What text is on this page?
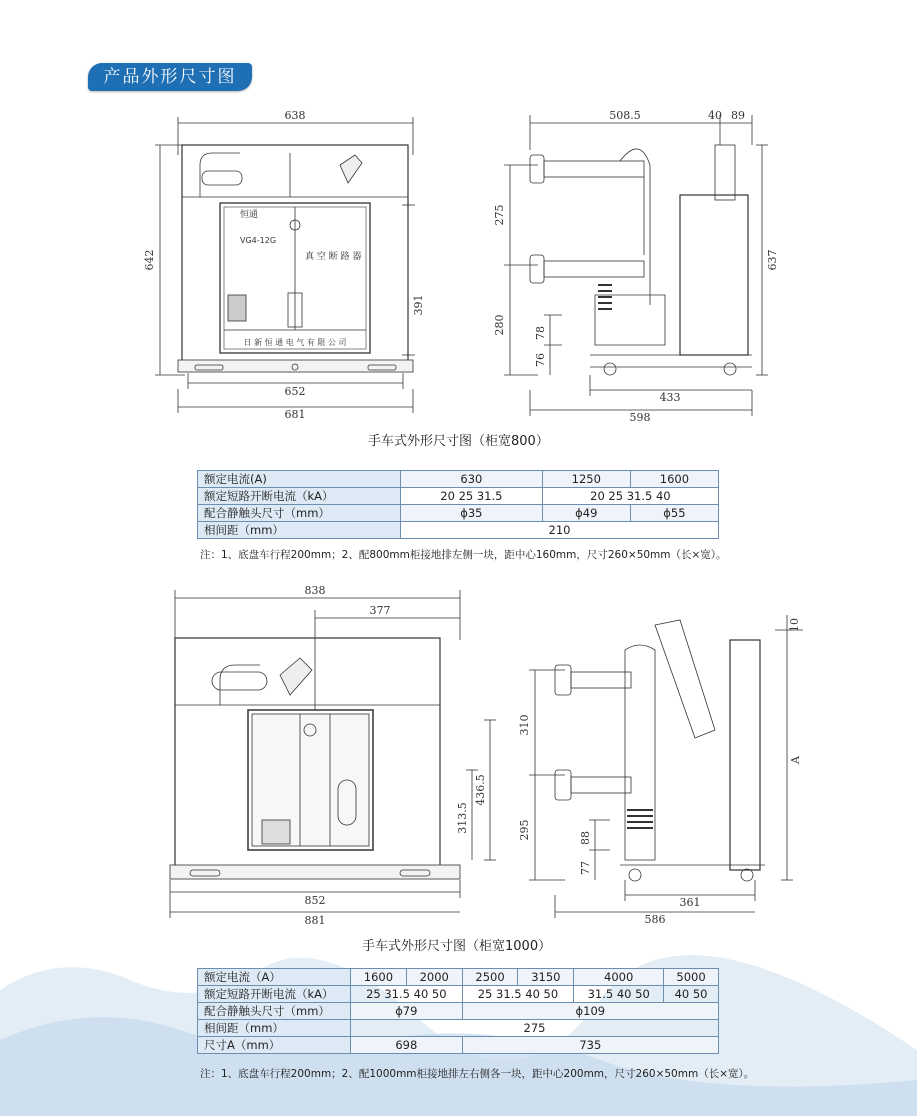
产品外形尺寸图
638
642
391
652
681
VG4-12G
真 空 断 路 器
日 新 恒 通 电 气 有 限 公 司
恒通
508.5	40 89
275
280	78
76
637
433
598
手车式外形尺寸图（柜宽800）
额定电流(A)	630	1250	1600
额定短路开断电流（kA）	20 25 31.5	20 25 31.5 40	
配合静触头尺寸（mm）	ϕ35	ϕ49	ϕ55
相间距（mm）	210		
注：1、底盘车行程200mm；2、配800mm柜接地排左侧一块，距中心160mm，尺寸260×50mm（长×宽）。
838
377
436.5
313.5
852
881
10
310
295	88
77
A
361
586
手车式外形尺寸图（柜宽1000）
额定电流（A）	1600	2000	2500	3150	4000	5000
额定短路开断电流（kA）	25 31.5 40 50		25 31.5 40 50		31.5 40 50	40 50
配合静触头尺寸（mm）	ϕ79		ϕ109			
相间距（mm）	275					
尺寸A（mm）	698		735			
注：1、底盘车行程200mm；2、配1000mm柜接地排左右侧各一块，距中心200mm，尺寸260×50mm（长×宽）。
